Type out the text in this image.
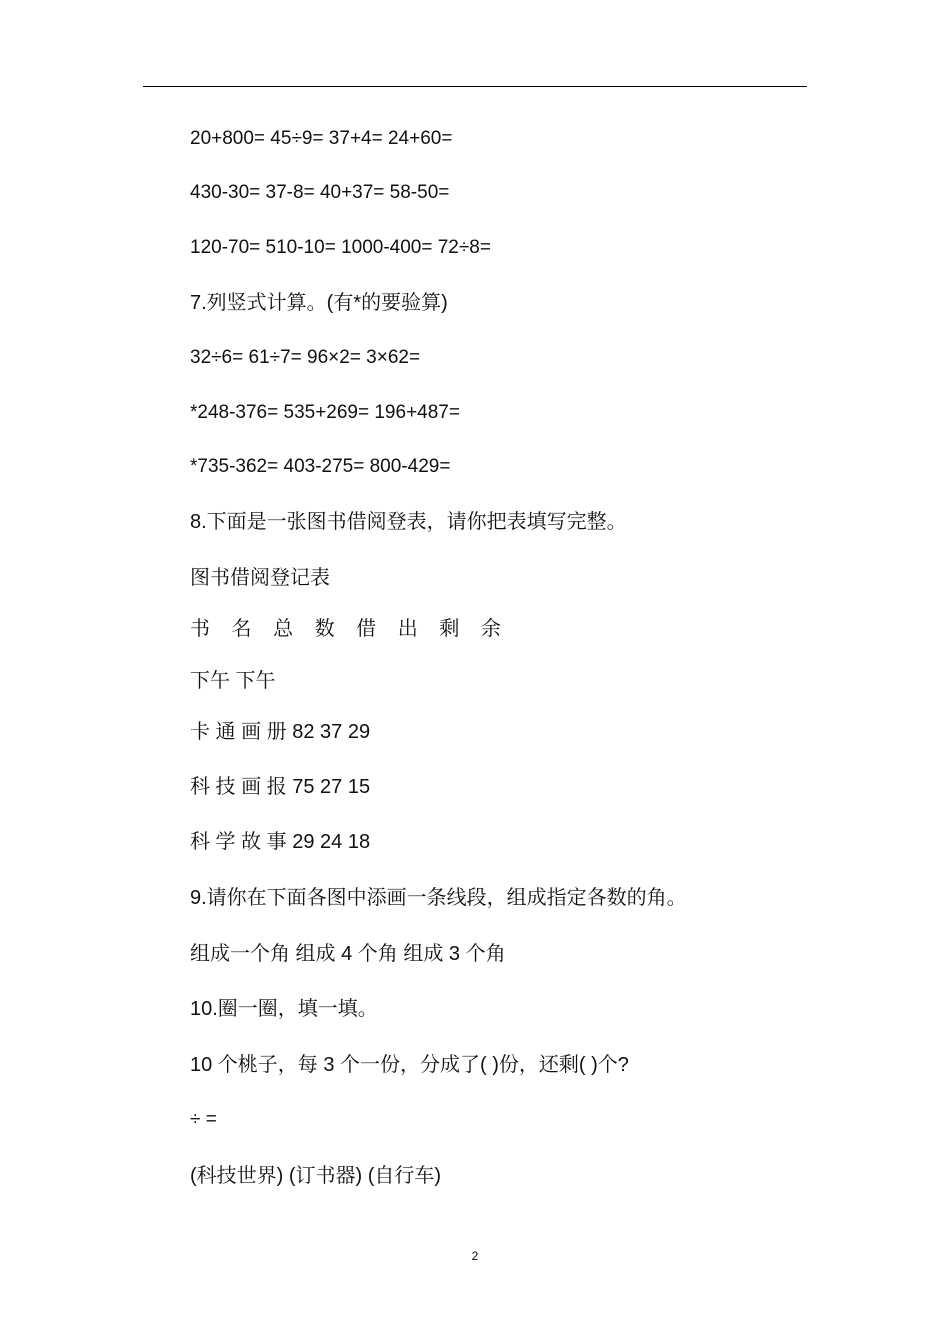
20+800= 45÷9= 37+4= 24+60=
430-30= 37-8= 40+37= 58-50=
120-70= 510-10= 1000-400= 72÷8=
7.列竖式计算。(有*的要验算)
32÷6= 61÷7= 96×2= 3×62=
*248-376= 535+269= 196+487=
*735-362= 403-275= 800-429=
8.下面是一张图书借阅登表，请你把表填写完整。
图书借阅登记表
书 名 总 数 借 出 剩 余
下午 下午
卡 通 画 册 82 37 29
科 技 画 报 75 27 15
科 学 故 事 29 24 18
9.请你在下面各图中添画一条线段，组成指定各数的角。
组成一个角 组成 4 个角 组成 3 个角
10.圈一圈，填一填。
10 个桃子，每 3 个一份，分成了( )份，还剩( )个?
÷ =
(科技世界) (订书器) (自行车)
2
